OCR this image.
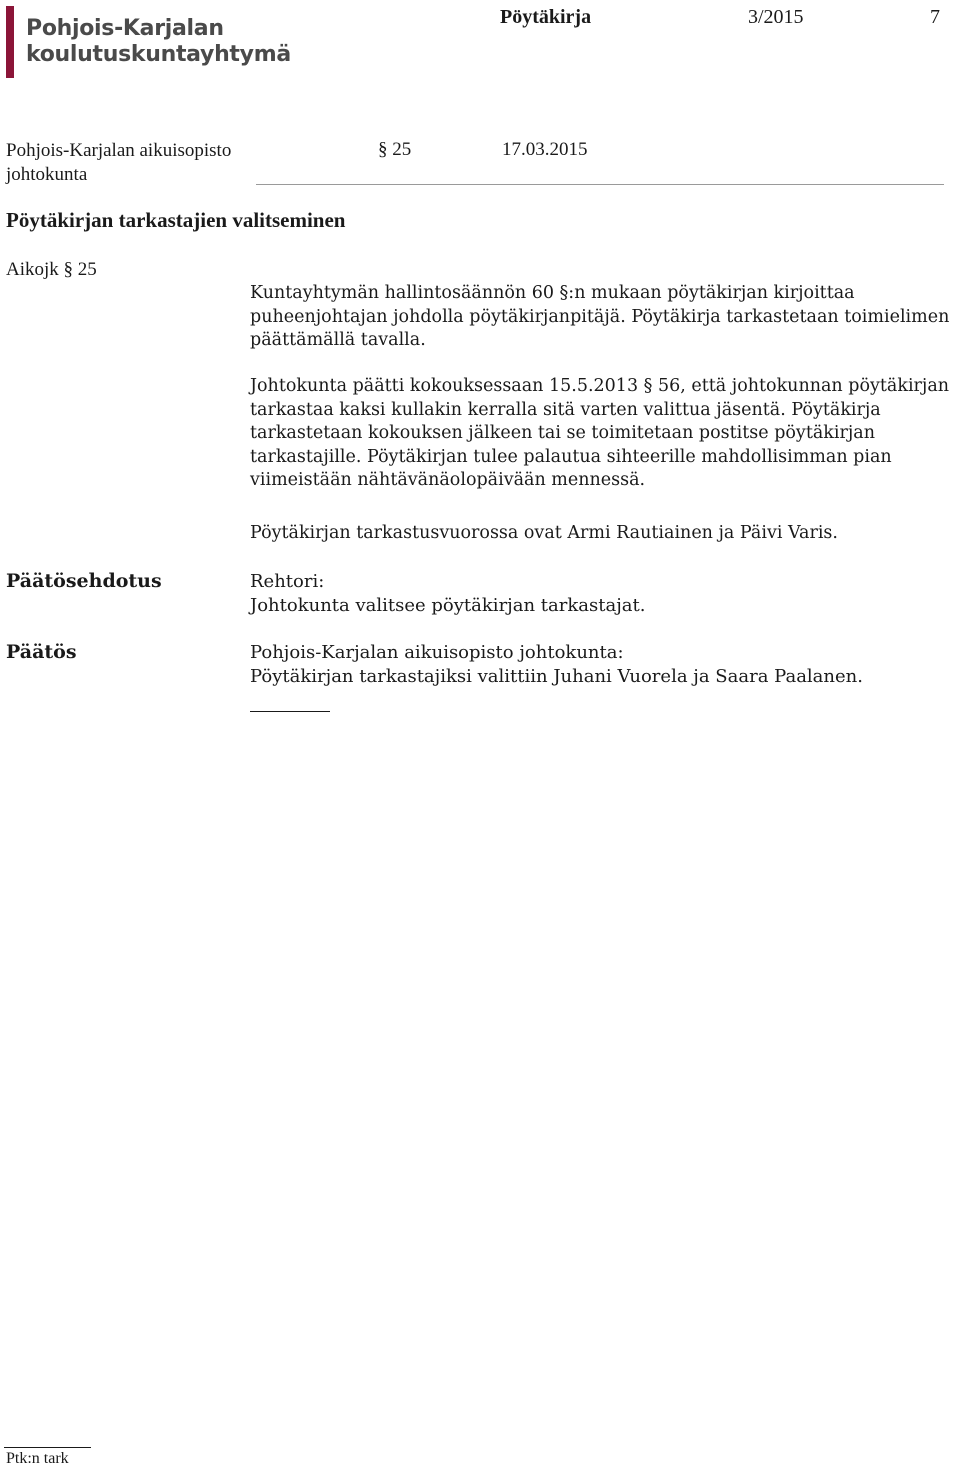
Pohjois-Karjalan
koulutuskuntayhtymä
Pöytäkirja	3/2015	7
Pohjois-Karjalan aikuisopisto
johtokunta
§ 25	17.03.2015
Pöytäkirjan tarkastajien valitseminen
Aikojk § 25
Kuntayhtymän hallintosäännön 60 §:n mukaan pöytäkirjan kirjoittaa puheenjohtajan johdolla pöytäkirjanpitäjä. Pöytäkirja tarkastetaan toimielimen päättämällä tavalla.
Johtokunta päätti kokouksessaan 15.5.2013 § 56, että johtokunnan pöytäkirjan tarkastaa kaksi kullakin kerralla sitä varten valittua jäsentä. Pöytäkirja tarkastetaan kokouksen jälkeen tai se toimitetaan postitse pöytäkirjan tarkastajille. Pöytäkirjan tulee palautua sihteerille mahdollisimman pian viimeistään nähtävänäolopäivään mennessä.
Pöytäkirjan tarkastusvuorossa ovat Armi Rautiainen ja Päivi Varis.
Päätösehdotus	Rehtori:
Johtokunta valitsee pöytäkirjan tarkastajat.
Päätös	Pohjois-Karjalan aikuisopisto johtokunta:
Pöytäkirjan tarkastajiksi valittiin Juhani Vuorela ja Saara Paalanen.
Ptk:n tark
